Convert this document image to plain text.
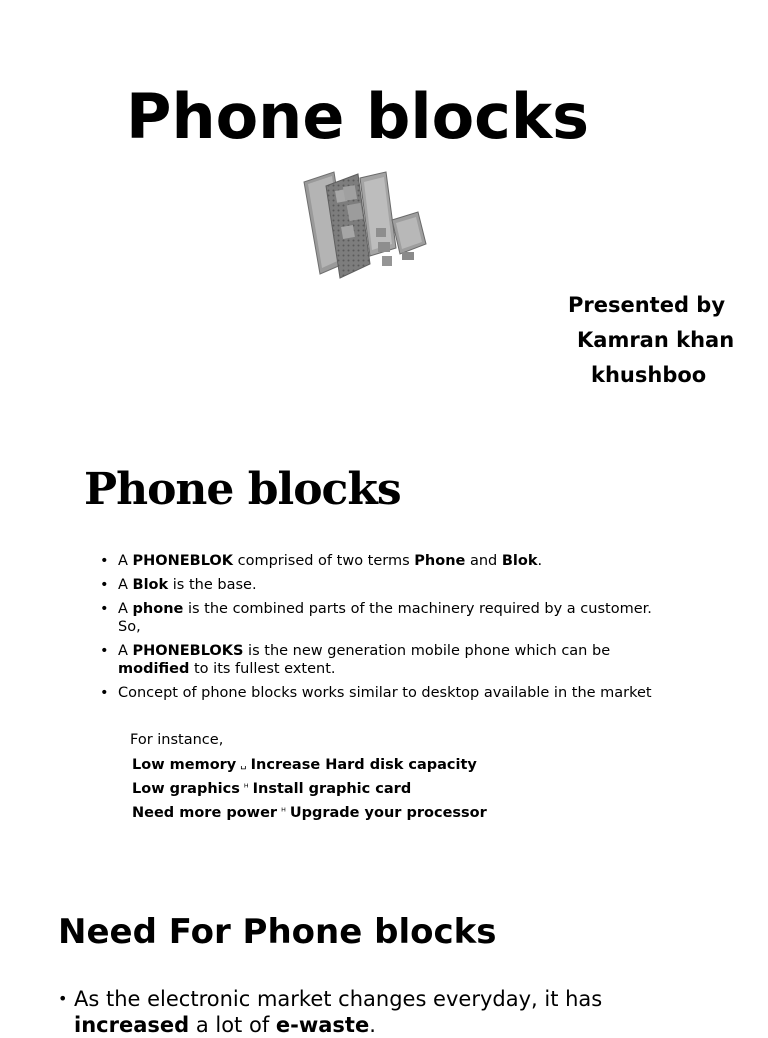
Phone blocks
Presented by
Kamran khan
khushboo
Phone blocks
• A PHONEBLOK comprised of two terms Phone and Blok.
• A Blok is the base.
• A phone is the combined parts of the machinery required by a customer. So,
• A PHONEBLOKS is the new generation mobile phone which can be modified to its fullest extent.
• Concept of phone blocks works similar to desktop available in the market
For instance,
Low memory ␣ Increase Hard disk capacity
Low graphics ᴴ Install graphic card
Need more power ᴴ Upgrade your processor
Need For Phone blocks
• As the electronic market changes everyday, it has increased a lot of e-waste.
